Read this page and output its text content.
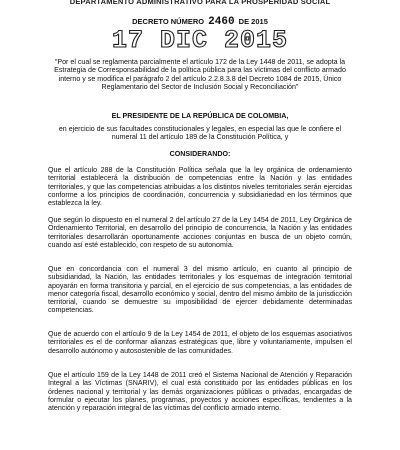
DEPARTAMENTO ADMINISTRATIVO PARA LA PROSPERIDAD SOCIAL
DECRETO NÚMERO 2460 DE 2015
17 DIC 2015
"Por el cual se reglamenta parcialmente el artículo 172 de la Ley 1448 de 2011, se adopta la Estrategia de Corresponsabilidad de la política pública para las víctimas del conflicto armado interno y se modifica el parágrafo 2 del artículo 2.2.8.3.8 del Decreto 1084 de 2015, Único Reglamentario del Sector de Inclusión Social y Reconciliación"
EL PRESIDENTE DE LA REPÚBLICA DE COLOMBIA,
en ejercicio de sus facultades constitucionales y legales, en especial las que le confiere el numeral 11 del artículo 189 de la Constitución Política, y
CONSIDERANDO:
Que el artículo 288 de la Constitución Política señala que la ley orgánica de ordenamiento territorial establecerá la distribución de competencias entre la Nación y las entidades territoriales, y que las competencias atribuidas a los distintos niveles territoriales serán ejercidas conforme a los principios de coordinación, concurrencia y subsidiariedad en los términos que establezca la ley.
Que según lo dispuesto en el numeral 2 del artículo 27 de la Ley 1454 de 2011, Ley Orgánica de Ordenamiento Territorial, en desarrollo del principio de concurrencia, la Nación y las entidades territoriales desarrollarán oportunamente acciones conjuntas en busca de un objeto común, cuando así esté establecido, con respeto de su autonomía.
Que en concordancia con el numeral 3 del mismo artículo, en cuanto al principio de subsidiaridad, la Nación, las entidades territoriales y los esquemas de integración territorial apoyarán en forma transitoria y parcial, en el ejercicio de sus competencias, a las entidades de menor categoría fiscal, desarrollo económico y social, dentro del mismo ámbito de la jurisdicción territorial, cuando se demuestre su imposibilidad de ejercer debidamente determinadas competencias.
Que de acuerdo con el artículo 9 de la Ley 1454 de 2011, el objeto de los esquemas asociativos territoriales es el de conformar alianzas estratégicas que, libre y voluntariamente, impulsen el desarrollo autónomo y autosostenible de las comunidades.
Que el artículo 159 de la Ley 1448 de 2011 creó el Sistema Nacional de Atención y Reparación Integral a las Víctimas (SNARIV), el cual está constituido por las entidades públicas en los órdenes nacional y territorial y las demás organizaciones públicas o privadas, encargadas de formular o ejecutar los planes, programas, proyectos y acciones específicas, tendientes a la atención y reparación integral de las víctimas del conflicto armado interno.
